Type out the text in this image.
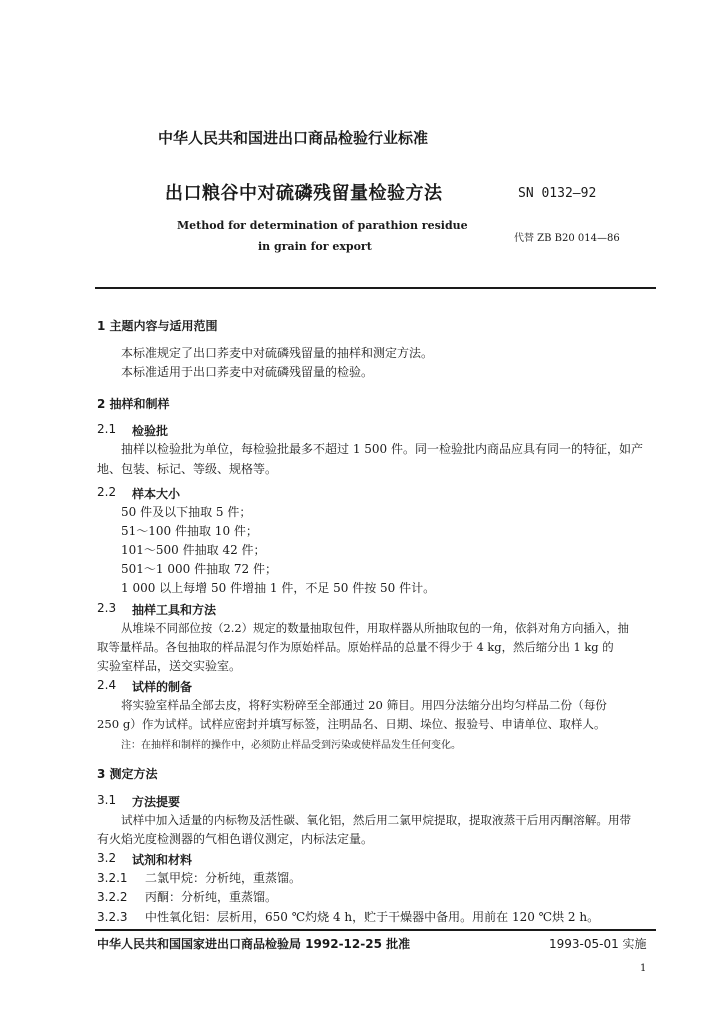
中华人民共和国进出口商品检验行业标准
出口粮谷中对硫磷残留量检验方法	SN 0132—92
Method for determination of parathion residue
in grain for export
代替 ZB B20 014—86
1 主题内容与适用范围
本标准规定了出口荞麦中对硫磷残留量的抽样和测定方法。
本标准适用于出口荞麦中对硫磷残留量的检验。
2 抽样和制样
2.1 检验批
抽样以检验批为单位，每检验批最多不超过 1 500 件。同一检验批内商品应具有同一的特征，如产
地、包装、标记、等级、规格等。
2.2 样本大小
50 件及以下抽取 5 件；
51～100 件抽取 10 件；
101～500 件抽取 42 件；
501～1 000 件抽取 72 件；
1 000 以上每增 50 件增抽 1 件，不足 50 件按 50 件计。
2.3 抽样工具和方法
从堆垛不同部位按（2.2）规定的数量抽取包件，用取样器从所抽取包的一角，依斜对角方向插入，抽
取等量样品。各包抽取的样品混匀作为原始样品。原始样品的总量不得少于 4 kg，然后缩分出 1 kg 的
实验室样品，送交实验室。
2.4 试样的制备
将实验室样品全部去皮，将籽实粉碎至全部通过 20 筛目。用四分法缩分出均匀样品二份（每份
250 g）作为试样。试样应密封并填写标签，注明品名、日期、垛位、报验号、申请单位、取样人。
注：在抽样和制样的操作中，必须防止样品受到污染或使样品发生任何变化。
3 测定方法
3.1 方法提要
试样中加入适量的内标物及活性碳、氧化铝，然后用二氯甲烷提取，提取液蒸干后用丙酮溶解。用带
有火焰光度检测器的气相色谱仪测定，内标法定量。
3.2 试剂和材料
3.2.1 二氯甲烷：分析纯，重蒸馏。
3.2.2 丙酮：分析纯，重蒸馏。
3.2.3 中性氧化铝：层析用，650 ℃灼烧 4 h，贮于干燥器中备用。用前在 120 ℃烘 2 h。
中华人民共和国国家进出口商品检验局 1992-12-25 批准	1993-05-01 实施
1
